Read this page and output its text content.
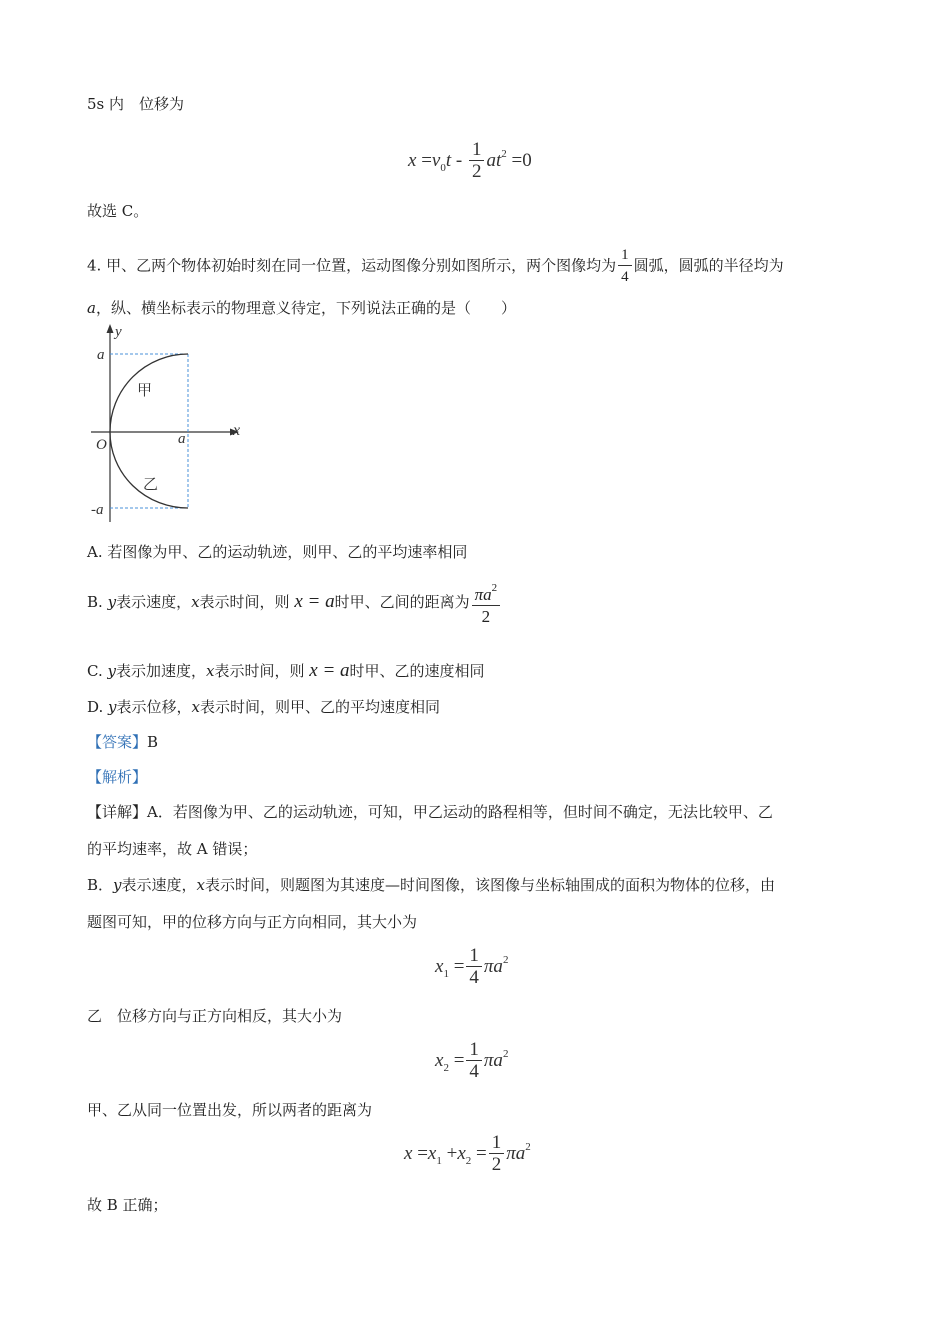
5s 内　位移为
$x =v_0t - \frac{1}{2} at^2 =0$
故选 C。
4. 甲、乙两个物体初始时刻在同一位置，运动图像分别如图所示，两个图像均为 $\frac{1}{4}$ 圆弧，圆弧的半径均为
a，纵、横坐标表示的物理意义待定，下列说法正确的是（　　）
y
x
O
a
a
-a
甲
乙
A. 若图像为甲、乙的运动轨迹，则甲、乙的平均速率相同
B. y表示速度，x表示时间，则 x = a时甲、乙间的距离为 $\frac{\pi a^2}{2}$
C. y表示加速度，x表示时间，则 x = a时甲、乙的速度相同
D. y表示位移，x表示时间，则甲、乙的平均速度相同
【答案】B
【解析】
【详解】A．若图像为甲、乙的运动轨迹，可知，甲乙运动的路程相等，但时间不确定，无法比较甲、乙
的平均速率，故 A 错误；
B．y表示速度，x表示时间，则题图为其速度—时间图像，该图像与坐标轴围成的面积为物体的位移，由
题图可知，甲的位移方向与正方向相同，其大小为
$x_1 = \frac{1}{4} \pi a^2$
乙　位移方向与正方向相反，其大小为
$x_2 = \frac{1}{4} \pi a^2$
甲、乙从同一位置出发，所以两者的距离为
$x =x_1 +x_2 = \frac{1}{2} \pi a^2$
故 B 正确；
